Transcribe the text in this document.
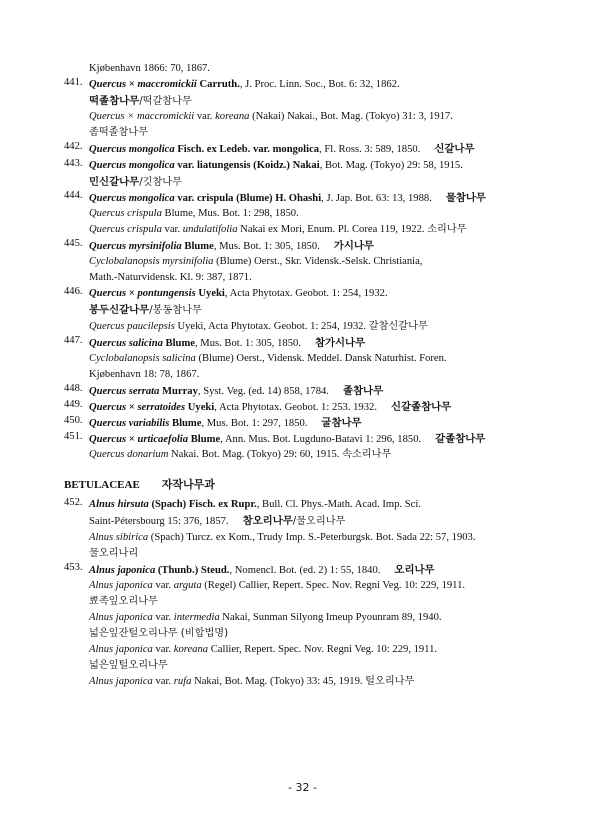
Kjøbenhavn 1866: 70, 1867.
441. Quercus × maccromickii Carruth., J. Proc. Linn. Soc., Bot. 6: 32, 1862.
떡졸참나무/떡갈참나무
Quercus × maccromickii var. koreana (Nakai) Nakai., Bot. Mag. (Tokyo) 31: 3, 1917.
좀떡졸참나무
442. Quercus mongolica Fisch. ex Ledeb. var. mongolica, Fl. Ross. 3: 589, 1850. 신갈나무
443. Quercus mongolica var. liatungensis (Koidz.) Nakai, Bot. Mag. (Tokyo) 29: 58, 1915.
민신갈나무/깃참나무
444. Quercus mongolica var. crispula (Blume) H. Ohashi, J. Jap. Bot. 63: 13, 1988. 물참나무
Quercus crispula Blume, Mus. Bot. 1: 298, 1850.
Quercus crispula var. undulatifolia Nakai ex Mori, Enum. Pl. Corea 119, 1922. 소리나무
445. Quercus myrsinifolia Blume, Mus. Bot. 1: 305, 1850. 가시나무
Cyclobalanopsis myrsinifolia (Blume) Oerst., Skr. Vidensk.-Selsk. Christiania,
Math.-Naturvidensk. Kl. 9: 387, 1871.
446. Quercus × pontungensis Uyeki, Acta Phytotax. Geobot. 1: 254, 1932.
봉두신갈나무/봉동참나무
Quercus paucilepsis Uyeki, Acta Phytotax. Geobot. 1: 254, 1932. 갈참신갈나무
447. Quercus salicina Blume, Mus. Bot. 1: 305, 1850. 참가시나무
Cyclobalanopsis salicina (Blume) Oerst., Vidensk. Meddel. Dansk Naturhist. Foren.
Kjøbenhavn 18: 78, 1867.
448. Quercus serrata Murray, Syst. Veg. (ed. 14) 858, 1784. 졸참나무
449. Quercus × serratoides Uyeki, Acta Phytotax. Geobot. 1: 253. 1932. 신갈졸참나무
450. Quercus variabilis Blume, Mus. Bot. 1: 297, 1850. 굴참나무
451. Quercus × urticaefolia Blume, Ann. Mus. Bot. Lugduno-Batavi 1: 296, 1850. 갈졸참나무
Quercus donarium Nakai. Bot. Mag. (Tokyo) 29: 60, 1915. 속소리나무
BETULACEAE 자작나무과
452. Alnus hirsuta (Spach) Fisch. ex Rupr., Bull. Cl. Phys.-Math. Acad. Imp. Sci.
Saint-Pétersbourg 15: 376, 1857. 참오리나무/물오리나무
Alnus sibirica (Spach) Turcz. ex Kom., Trudy Imp. S.-Peterburgsk. Bot. Sada 22: 57, 1903.
물오리나리
453. Alnus japonica (Thunb.) Steud., Nomencl. Bot. (ed. 2) 1: 55, 1840. 오리나무
Alnus japonica var. arguta (Regel) Callier, Repert. Spec. Nov. Regni Veg. 10: 229, 1911.
뾰족잎오리나무
Alnus japonica var. intermedia Nakai, Sunman Silyong Imeup Pyounram 89, 1940.
넓은잎잔털오리나무 (비합법명)
Alnus japonica var. koreana Callier, Repert. Spec. Nov. Regni Veg. 10: 229, 1911.
넓은잎털오리나무
Alnus japonica var. rufa Nakai, Bot. Mag. (Tokyo) 33: 45, 1919. 털오리나무
- 32 -
